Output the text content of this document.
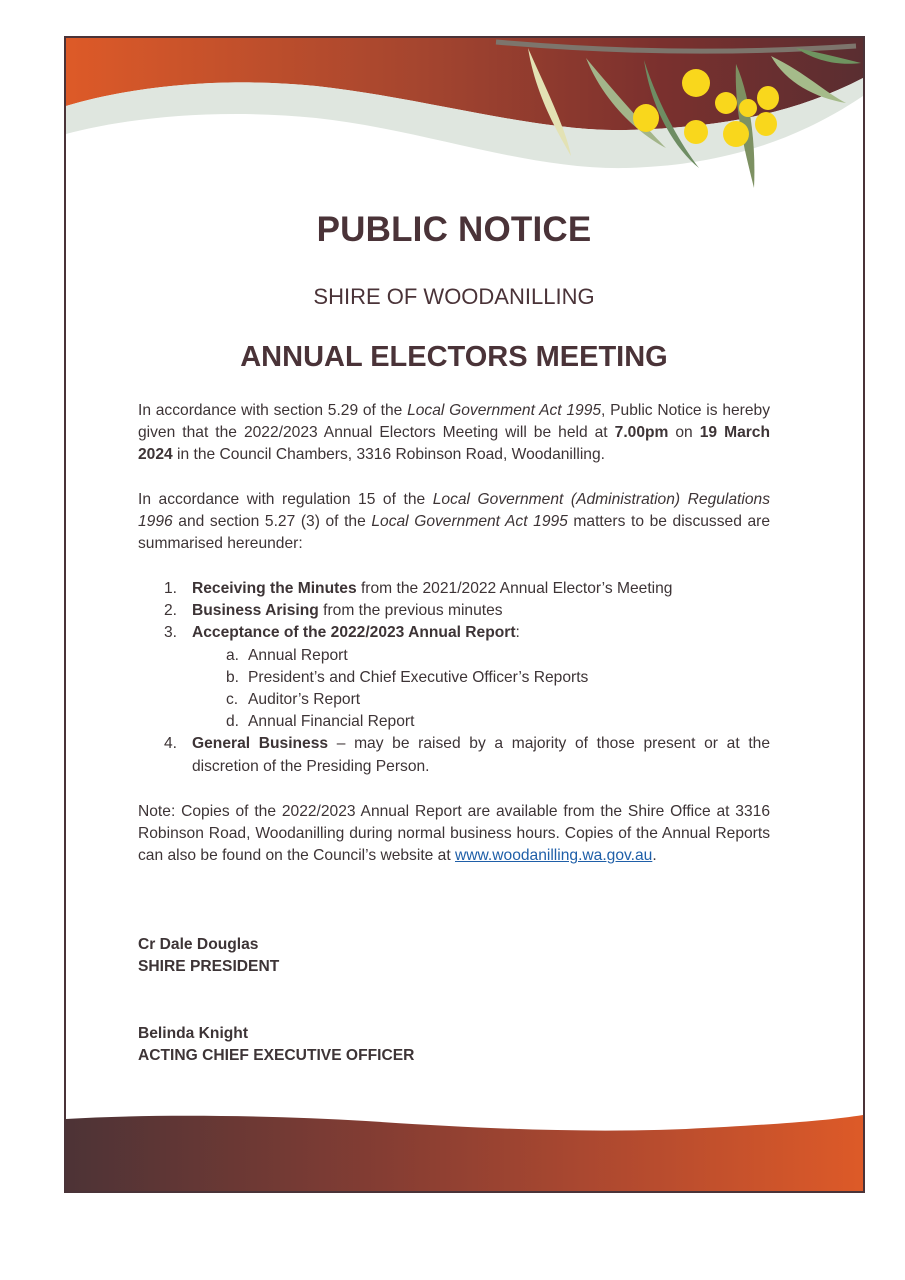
PUBLIC NOTICE
SHIRE OF WOODANILLING
ANNUAL ELECTORS MEETING
In accordance with section 5.29 of the Local Government Act 1995, Public Notice is hereby given that the 2022/2023 Annual Electors Meeting will be held at 7.00pm on 19 March 2024 in the Council Chambers, 3316 Robinson Road, Woodanilling.
In accordance with regulation 15 of the Local Government (Administration) Regulations 1996 and section 5.27 (3) of the Local Government Act 1995 matters to be discussed are summarised hereunder:
1. Receiving the Minutes from the 2021/2022 Annual Elector’s Meeting
2. Business Arising from the previous minutes
3. Acceptance of the 2022/2023 Annual Report:
a. Annual Report
b. President’s and Chief Executive Officer’s Reports
c. Auditor’s Report
d. Annual Financial Report
4. General Business – may be raised by a majority of those present or at the discretion of the Presiding Person.
Note: Copies of the 2022/2023 Annual Report are available from the Shire Office at 3316 Robinson Road, Woodanilling during normal business hours. Copies of the Annual Reports can also be found on the Council’s website at www.woodanilling.wa.gov.au.
Cr Dale Douglas
SHIRE PRESIDENT
Belinda Knight
ACTING CHIEF EXECUTIVE OFFICER
